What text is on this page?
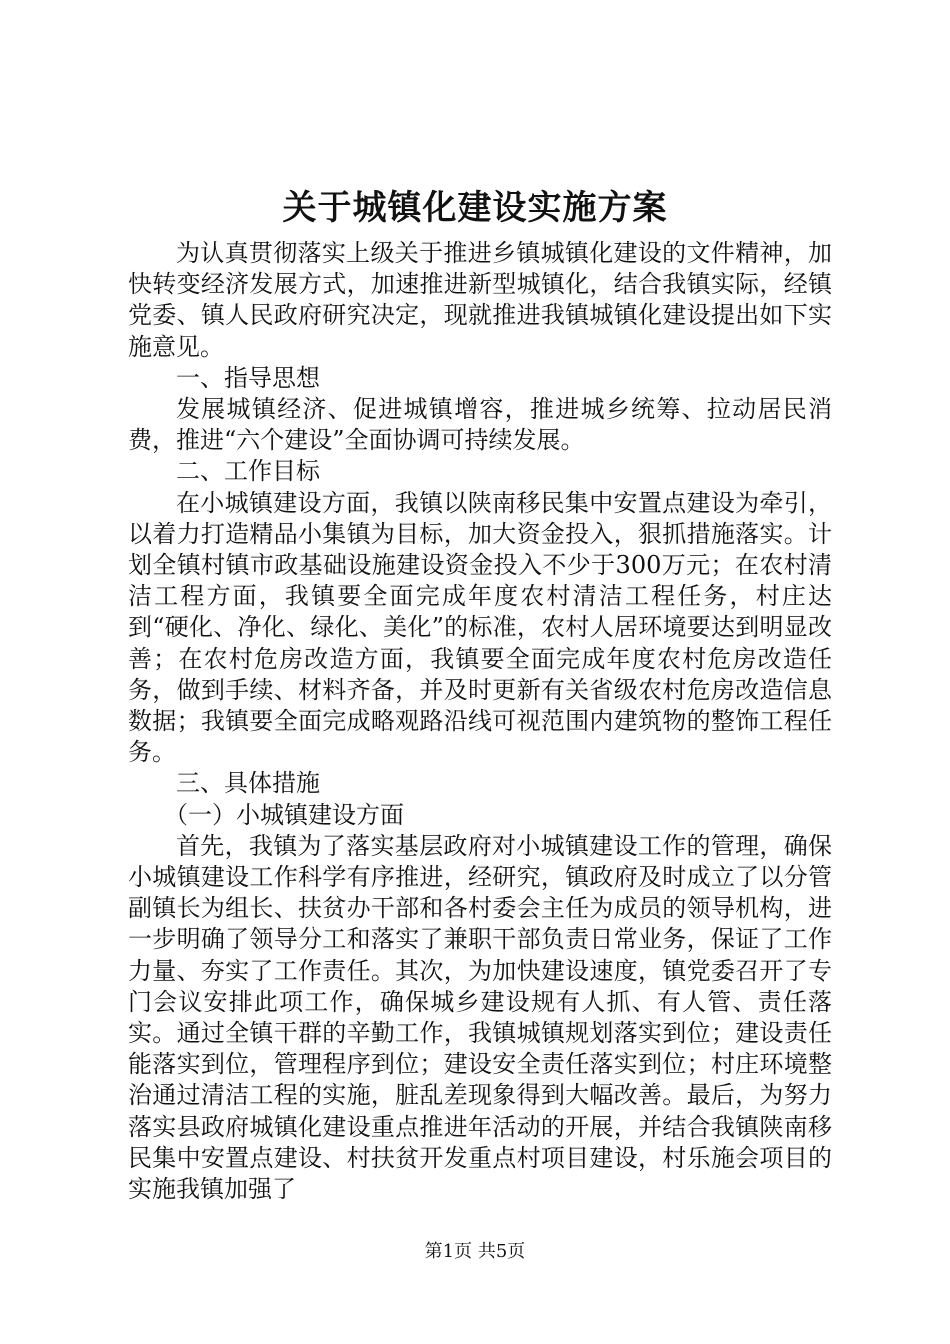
关于城镇化建设实施方案

为认真贯彻落实上级关于推进乡镇城镇化建设的文件精神，加快转变经济发展方式，加速推进新型城镇化，结合我镇实际，经镇党委、镇人民政府研究决定，现就推进我镇城镇化建设提出如下实施意见。

一、指导思想

发展城镇经济、促进城镇增容，推进城乡统筹、拉动居民消费，推进“六个建设”全面协调可持续发展。

二、工作目标

在小城镇建设方面，我镇以陕南移民集中安置点建设为牵引，以着力打造精品小集镇为目标，加大资金投入，狠抓措施落实。计划全镇村镇市政基础设施建设资金投入不少于300万元；在农村清洁工程方面，我镇要全面完成年度农村清洁工程任务，村庄达到“硬化、净化、绿化、美化”的标准，农村人居环境要达到明显改善；在农村危房改造方面，我镇要全面完成年度农村危房改造任务，做到手续、材料齐备，并及时更新有关省级农村危房改造信息数据；我镇要全面完成略观路沿线可视范围内建筑物的整饰工程任务。

三、具体措施

（一）小城镇建设方面

首先，我镇为了落实基层政府对小城镇建设工作的管理，确保小城镇建设工作科学有序推进，经研究，镇政府及时成立了以分管副镇长为组长、扶贫办干部和各村委会主任为成员的领导机构，进一步明确了领导分工和落实了兼职干部负责日常业务，保证了工作力量、夯实了工作责任。其次，为加快建设速度，镇党委召开了专门会议安排此项工作，确保城乡建设规有人抓、有人管、责任落实。通过全镇干群的辛勤工作，我镇城镇规划落实到位；建设责任能落实到位，管理程序到位；建设安全责任落实到位；村庄环境整治通过清洁工程的实施，脏乱差现象得到大幅改善。最后，为努力落实县政府城镇化建设重点推进年活动的开展，并结合我镇陕南移民集中安置点建设、村扶贫开发重点村项目建设，村乐施会项目的实施我镇加强了

第1页 共5页
